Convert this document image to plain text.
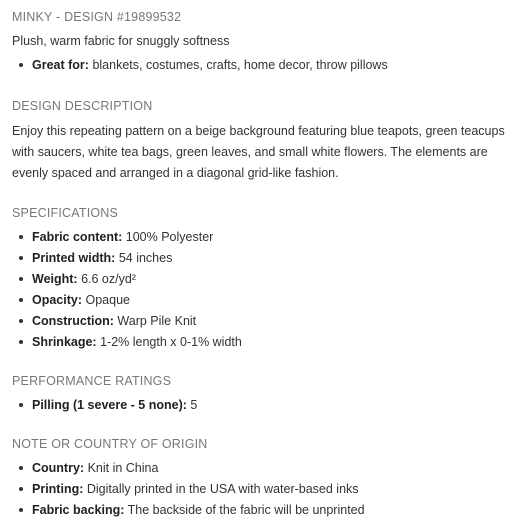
MINKY - DESIGN #19899532
Plush, warm fabric for snuggly softness
Great for: blankets, costumes, crafts, home decor, throw pillows
DESIGN DESCRIPTION

Enjoy this repeating pattern on a beige background featuring blue teapots, green teacups with saucers, white tea bags, green leaves, and small white flowers. The elements are evenly spaced and arranged in a diagonal grid-like fashion.

SPECIFICATIONS
Fabric content: 100% Polyester
Printed width: 54 inches
Weight: 6.6 oz/yd²
Opacity: Opaque
Construction: Warp Pile Knit
Shrinkage: 1-2% length x 0-1% width
PERFORMANCE RATINGS
Pilling (1 severe - 5 none): 5
NOTE OR COUNTRY OF ORIGIN
Country: Knit in China
Printing: Digitally printed in the USA with water-based inks
Fabric backing: The backside of the fabric will be unprinted
